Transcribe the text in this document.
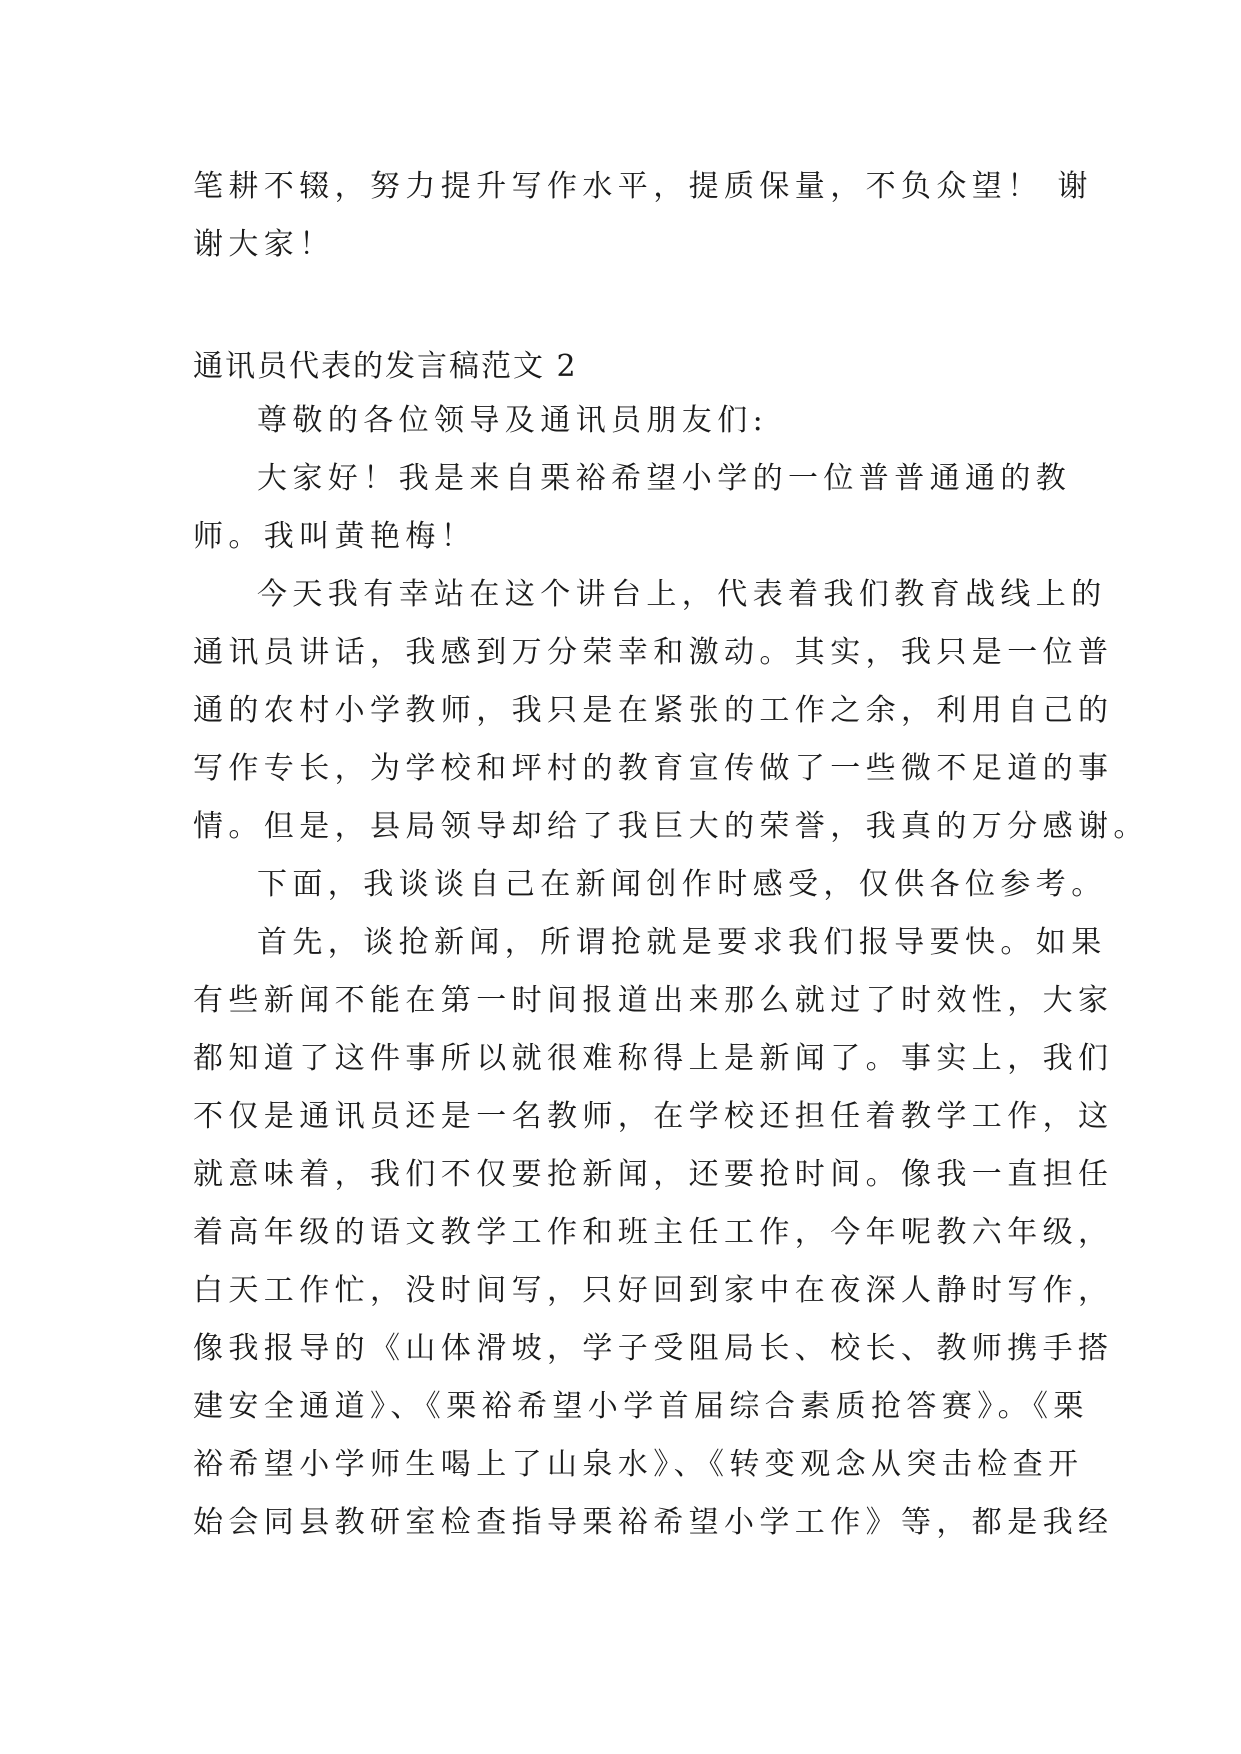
笔耕不辍，努力提升写作水平，提质保量，不负众望！ 谢
谢大家！
通讯员代表的发言稿范文 2
尊敬的各位领导及通讯员朋友们:
大家好！我是来自栗裕希望小学的一位普普通通的教
师。我叫黄艳梅！
今天我有幸站在这个讲台上，代表着我们教育战线上的
通讯员讲话，我感到万分荣幸和激动。其实，我只是一位普
通的农村小学教师，我只是在紧张的工作之余，利用自己的
写作专长，为学校和坪村的教育宣传做了一些微不足道的事
情。但是，县局领导却给了我巨大的荣誉，我真的万分感谢。
下面，我谈谈自己在新闻创作时感受，仅供各位参考。
首先，谈抢新闻，所谓抢就是要求我们报导要快。如果
有些新闻不能在第一时间报道出来那么就过了时效性，大家
都知道了这件事所以就很难称得上是新闻了。事实上，我们
不仅是通讯员还是一名教师，在学校还担任着教学工作，这
就意味着，我们不仅要抢新闻，还要抢时间。像我一直担任
着高年级的语文教学工作和班主任工作，今年呢教六年级，
白天工作忙，没时间写，只好回到家中在夜深人静时写作，
像我报导的《山体滑坡，学子受阻局长、校长、教师携手搭
建安全通道》、《栗裕希望小学首届综合素质抢答赛》。《栗
裕希望小学师生喝上了山泉水》、《转变观念从突击检查开
始会同县教研室检查指导栗裕希望小学工作》等，都是我经
